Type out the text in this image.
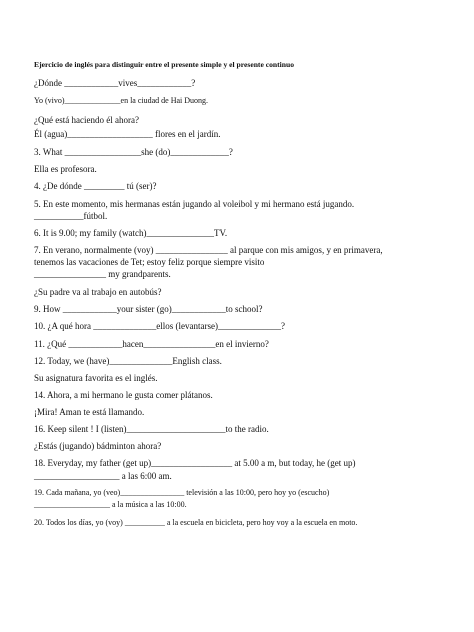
Ejercicio de inglés para distinguir entre el presente simple y el presente continuo
¿Dónde ____________vives____________?
Yo (vivo)______________en la ciudad de Hai Duong.
¿Qué está haciendo él ahora?
Él (agua)___________________ flores en el jardín.
3. What _________________she (do)_____________?
Ella es profesora.
4. ¿De dónde _________ tú (ser)?
5. En este momento, mis hermanas están jugando al voleibol y mi hermano está jugando.
___________fútbol.
6. It is 9.00; my family (watch)_______________TV.
7. En verano, normalmente (voy) ________________ al parque con mis amigos, y en primavera,
tenemos las vacaciones de Tet; estoy feliz porque siempre visito
________________ my grandparents.
¿Su padre va al trabajo en autobús?
9. How ____________your sister (go)____________to school?
10. ¿A qué hora ______________ellos (levantarse)______________?
11. ¿Qué ____________hacen________________en el invierno?
12. Today, we (have)______________English class.
Su asignatura favorita es el inglés.
14. Ahora, a mi hermano le gusta comer plátanos.
¡Mira! Aman te está llamando.
16. Keep silent ! I (listen)______________________to the radio.
¿Estás (jugando) bádminton ahora?
18. Everyday, my father (get up)__________________ at 5.00 a m, but today, he (get up)
___________________ a las 6:00 am.
19. Cada mañana, yo (veo)________________ televisión a las 10:00, pero hoy yo (escucho)
___________________ a la música a las 10:00.
20. Todos los días, yo (voy) __________ a la escuela en bicicleta, pero hoy voy a la escuela en moto.
